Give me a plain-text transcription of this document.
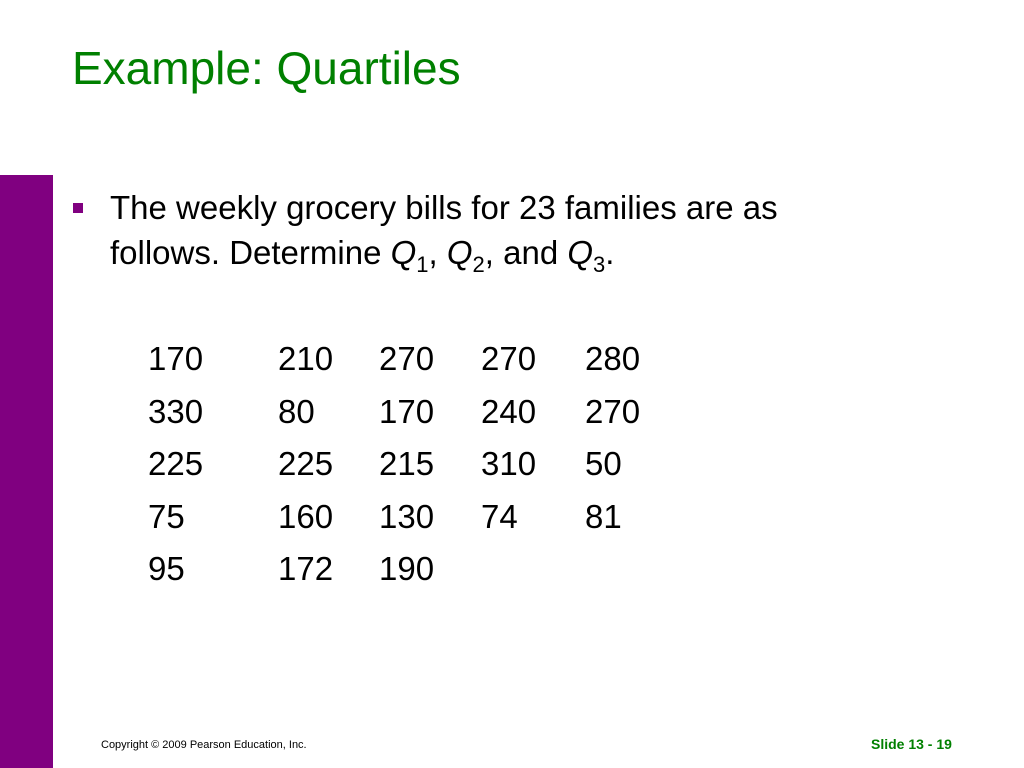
Example: Quartiles
The weekly grocery bills for 23 families are as
follows. Determine $Q_1$, $Q_2$, and $Q_3$.
170	210	270	270	280
330	80	170	240	270
225	225	215	310	50
75	160	130	74	81
95	172	190		
Copyright © 2009 Pearson Education, Inc.	Slide 13 - 19
